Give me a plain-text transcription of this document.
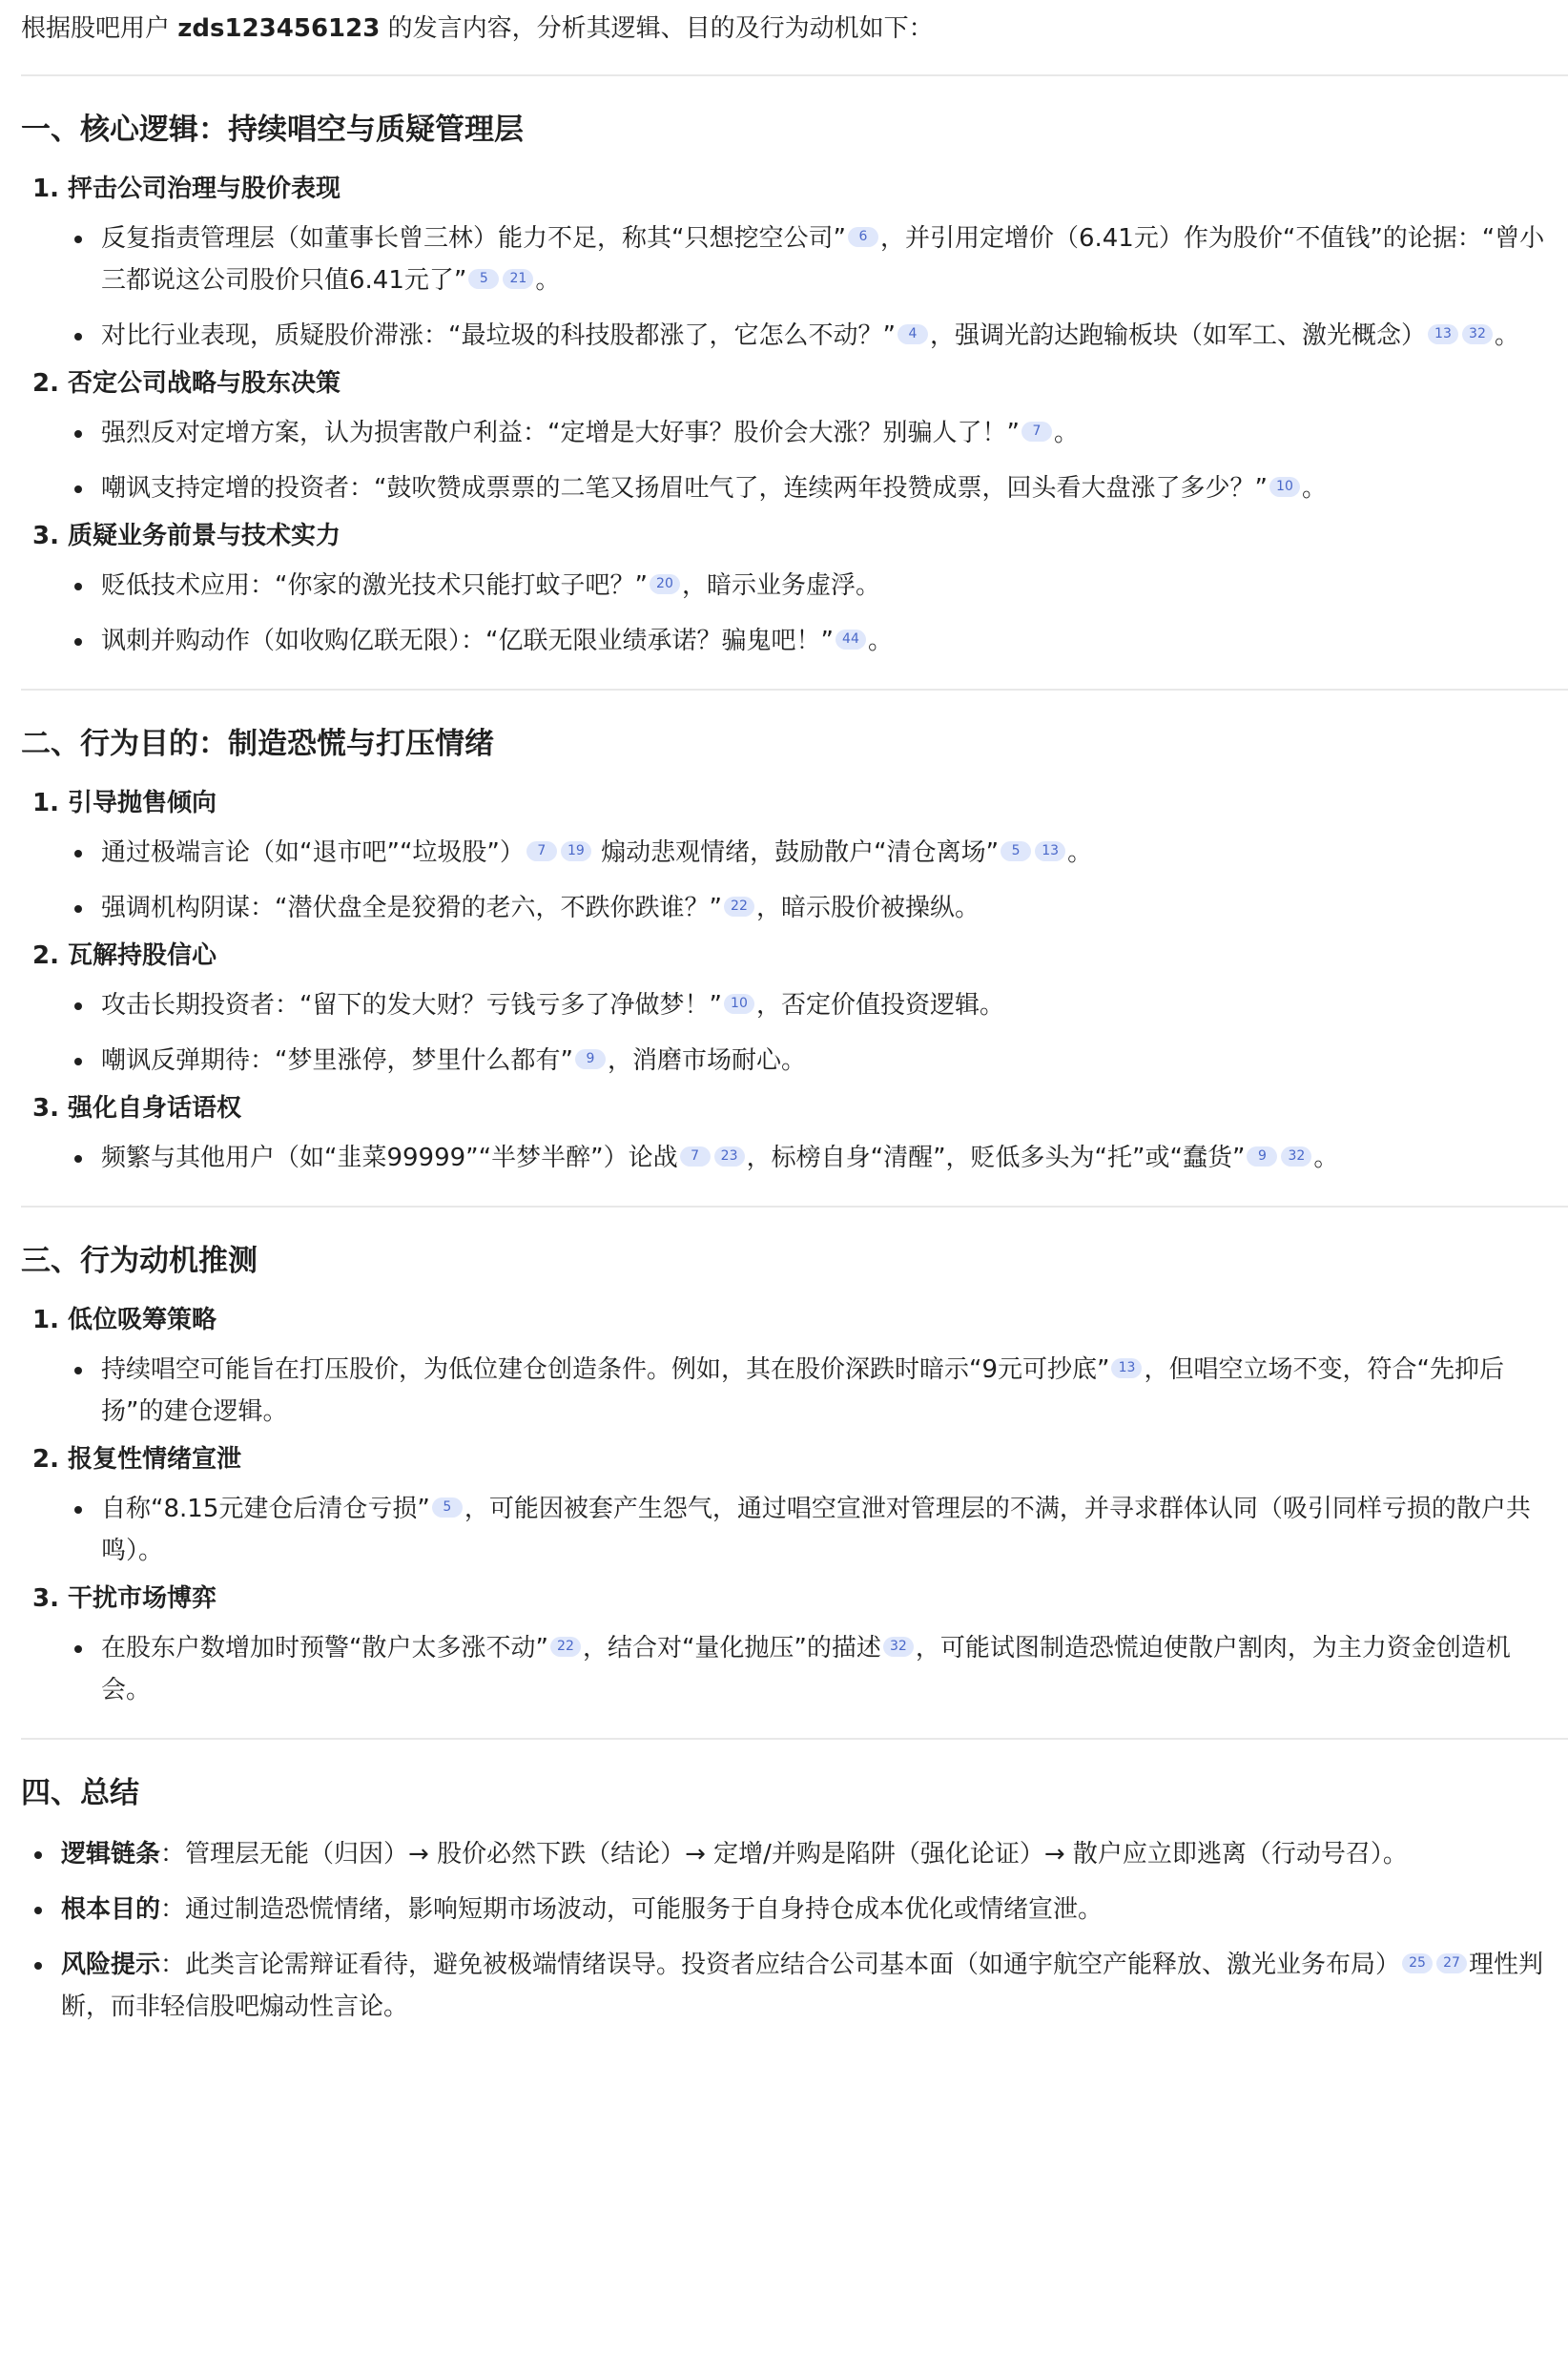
根据股吧用户 zds123456123 的发言内容，分析其逻辑、目的及行为动机如下：

一、核心逻辑：持续唱空与质疑管理层

1. 抨击公司治理与股价表现

反复指责管理层（如董事长曾三林）能力不足，称其“只想挖空公司” 6 ，并引用定增价（6.41元）作为股价“不值钱”的论据：“曾小三都说这公司股价只值6.41元了” 5 21 。
对比行业表现，质疑股价滞涨：“最垃圾的科技股都涨了，它怎么不动？” 4 ，强调光韵达跑输板块（如军工、激光概念） 13 32 。

2. 否定公司战略与股东决策

强烈反对定增方案，认为损害散户利益：“定增是大好事？股价会大涨？别骗人了！” 7 。
嘲讽支持定增的投资者：“鼓吹赞成票票的二笔又扬眉吐气了，连续两年投赞成票，回头看大盘涨了多少？” 10 。

3. 质疑业务前景与技术实力

贬低技术应用：“你家的激光技术只能打蚊子吧？” 20 ，暗示业务虚浮。
讽刺并购动作（如收购亿联无限）：“亿联无限业绩承诺？骗鬼吧！” 44 。
二、行为目的：制造恐慌与打压情绪

1. 引导抛售倾向

通过极端言论（如“退市吧”“垃圾股”） 7 19 煽动悲观情绪，鼓励散户“清仓离场” 5 13 。
强调机构阴谋：“潜伏盘全是狡猾的老六，不跌你跌谁？” 22 ，暗示股价被操纵。

2. 瓦解持股信心

攻击长期投资者：“留下的发大财？亏钱亏多了净做梦！” 10 ，否定价值投资逻辑。
嘲讽反弹期待：“梦里涨停，梦里什么都有” 9 ，消磨市场耐心。

3. 强化自身话语权

频繁与其他用户（如“韭菜99999”“半梦半醉”）论战 7 23 ，标榜自身“清醒”，贬低多头为“托”或“蠢货” 9 32 。
三、行为动机推测

1. 低位吸筹策略

持续唱空可能旨在打压股价，为低位建仓创造条件。例如，其在股价深跌时暗示“9元可抄底” 13 ，但唱空立场不变，符合“先抑后扬”的建仓逻辑。

2. 报复性情绪宣泄

自称“8.15元建仓后清仓亏损” 5 ，可能因被套产生怨气，通过唱空宣泄对管理层的不满，并寻求群体认同（吸引同样亏损的散户共鸣）。

3. 干扰市场博弈

在股东户数增加时预警“散户太多涨不动” 22 ，结合对“量化抛压”的描述 32 ，可能试图制造恐慌迫使散户割肉，为主力资金创造机会。
四、总结
逻辑链条：管理层无能（归因）→ 股价必然下跌（结论）→ 定增/并购是陷阱（强化论证）→ 散户应立即逃离（行动号召）。
根本目的：通过制造恐慌情绪，影响短期市场波动，可能服务于自身持仓成本优化或情绪宣泄。
风险提示：此类言论需辩证看待，避免被极端情绪误导。投资者应结合公司基本面（如通宇航空产能释放、激光业务布局） 25 27 理性判断，而非轻信股吧煽动性言论。
